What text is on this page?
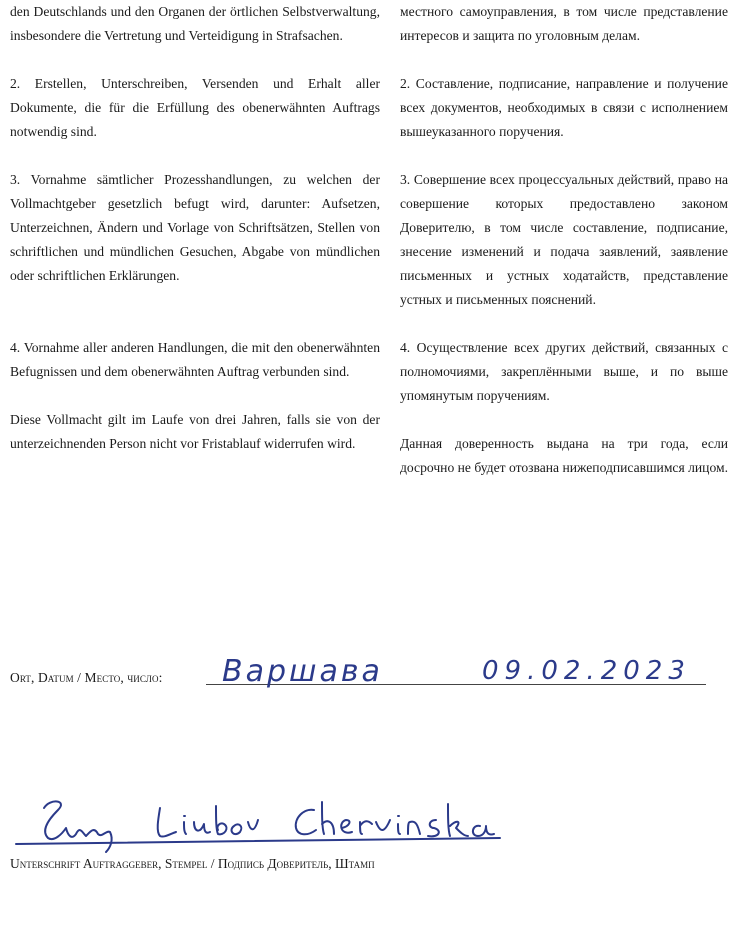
den Deutschlands und den Organen der örtlichen Selbstverwaltung, insbesondere die Vertretung und Verteidigung in Strafsachen.

2. Erstellen, Unterschreiben, Versenden und Erhalt aller Dokumente, die für die Erfüllung des obenerwähnten Auftrags notwendig sind.

3. Vornahme sämtlicher Prozesshandlungen, zu welchen der Vollmachtgeber gesetzlich befugt wird, darunter: Aufsetzen, Unterzeichnen, Ändern und Vorlage von Schriftsätzen, Stellen von schriftlichen und mündlichen Gesuchen, Abgabe von mündlichen oder schriftlichen Erklärungen.

4. Vornahme aller anderen Handlungen, die mit den obenerwähnten Befugnissen und dem obenerwähnten Auftrag verbunden sind.

Diese Vollmacht gilt im Laufe von drei Jahren, falls sie von der unterzeichnenden Person nicht vor Fristablauf widerrufen wird.

местного самоуправления, в том числе представление интересов и защита по уголовным делам.

2. Составление, подписание, направление и получение всех документов, необходимых в связи с исполнением вышеуказанного поручения.

3. Совершение всех процессуальных действий, право на совершение которых предоставлено законом Доверителю, в том числе составление, подписание, знесение изменений и подача заявлений, заявление письменных и устных ходатайств, представление устных и письменных пояснений.

4. Осуществление всех других действий, связанных с полномочиями, закреплёнными выше, и по выше упомянутым поручениям.

Данная доверенность выдана на три года, если досрочно не будет отозвана нижеподписавшимся лицом.

Ort, Datum / Место, число: Варшава	09.02.2023
Unterschrift Auftraggeber, Stempel / Подпись Доверитель, Штамп
